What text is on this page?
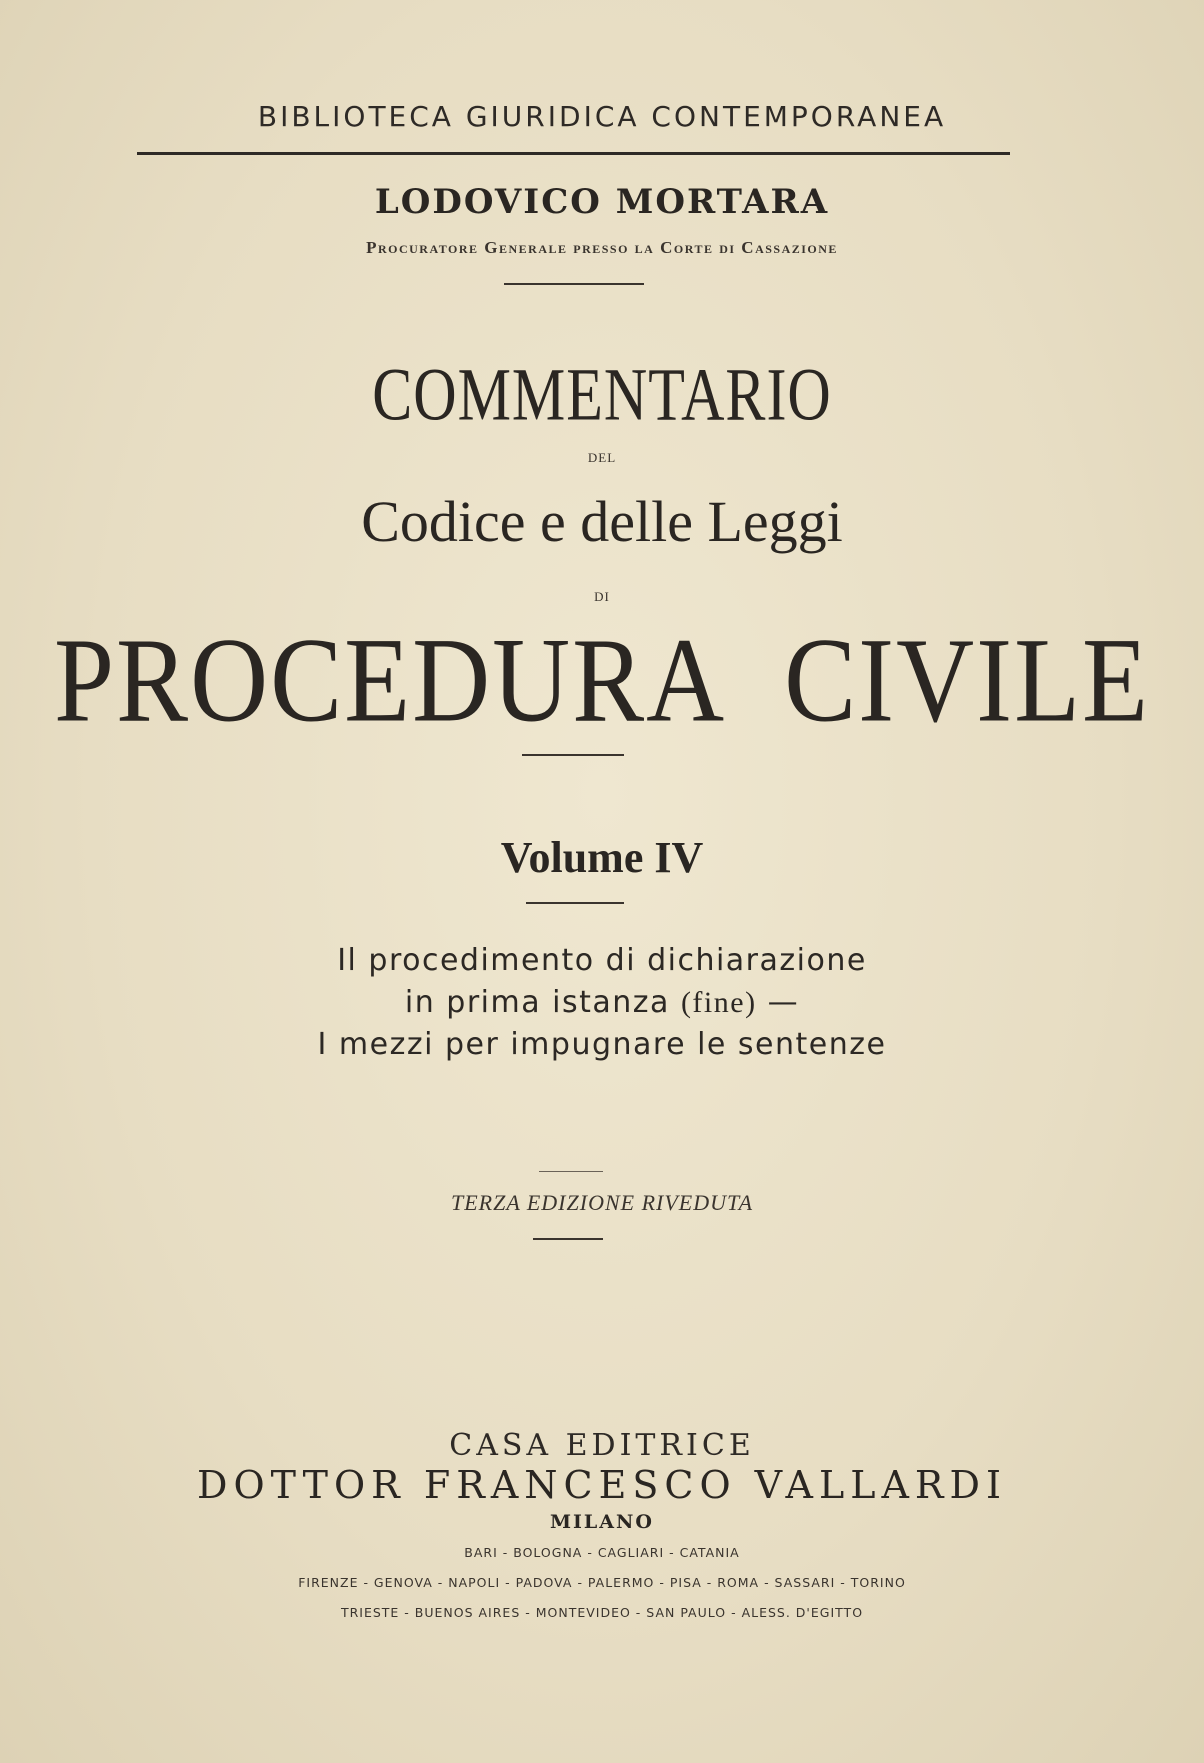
BIBLIOTECA GIURIDICA CONTEMPORANEA
LODOVICO MORTARA
Procuratore Generale presso la Corte di Cassazione
COMMENTARIO
DEL
Codice e delle Leggi
DI
PROCEDURA CIVILE
Volume IV
Il procedimento di dichiarazione
in prima istanza (fine) —
I mezzi per impugnare le sentenze
TERZA EDIZIONE RIVEDUTA
CASA EDITRICE
DOTTOR FRANCESCO VALLARDI
MILANO
BARI - BOLOGNA - CAGLIARI - CATANIA
FIRENZE - GENOVA - NAPOLI - PADOVA - PALERMO - PISA - ROMA - SASSARI - TORINO
TRIESTE - BUENOS AIRES - MONTEVIDEO - SAN PAULO - ALESS. D'EGITTO
